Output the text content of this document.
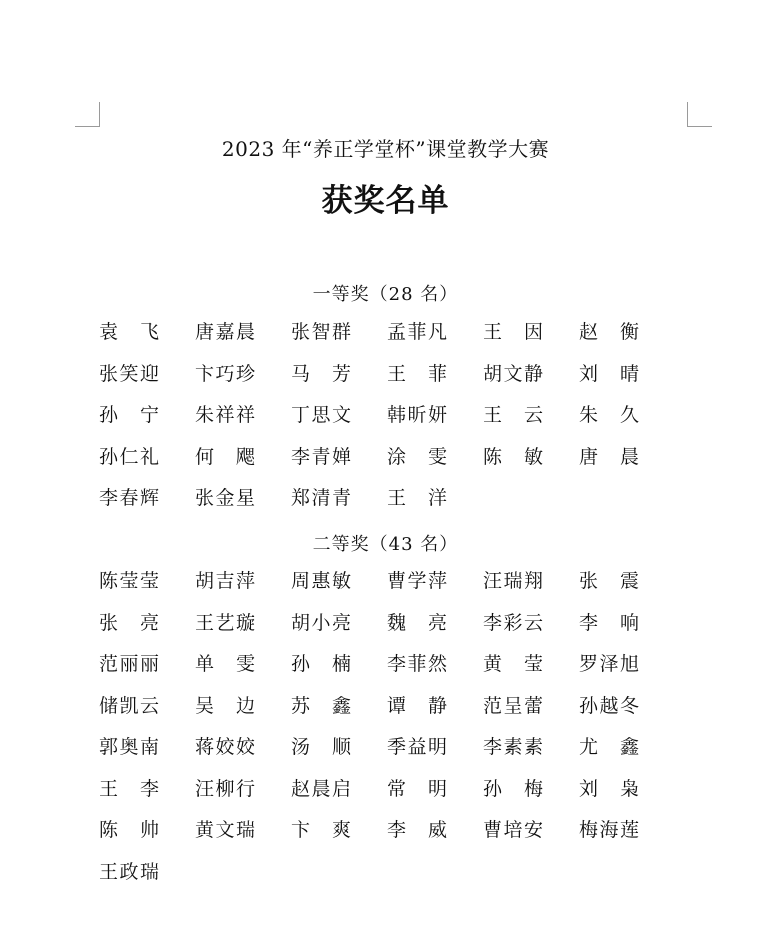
2023 年“养正学堂杯”课堂教学大赛
获奖名单
一等奖（28 名）
袁 飞 唐 嘉 晨 张 智 群 孟 菲 凡 王 因 赵 衡
张 笑 迎 卞 巧 珍 马 芳 王 菲 胡 文 静 刘 晴
孙 宁 朱 祥 祥 丁 思 文 韩 昕 妍 王 云 朱 久
孙 仁 礼 何 飔 李 青 婵 涂 雯 陈 敏 唐 晨
李 春 辉 张 金 星 郑 清 青 王 洋
二等奖（43 名）
陈 莹 莹 胡 吉 萍 周 惠 敏 曹 学 萍 汪 瑞 翔 张 震
张 亮 王 艺 璇 胡 小 亮 魏 亮 李 彩 云 李 响
范 丽 丽 单 雯 孙 楠 李 菲 然 黄 莹 罗 泽 旭
储 凯 云 吴 边 苏 鑫 谭 静 范 呈 蕾 孙 越 冬
郭 奥 南 蒋 姣 姣 汤 顺 季 益 明 李 素 素 尤 鑫
王 李 汪 柳 行 赵 晨 启 常 明 孙 梅 刘 枭
陈 帅 黄 文 瑞 卞 爽 李 威 曹 培 安 梅 海 莲
王 政 瑞
